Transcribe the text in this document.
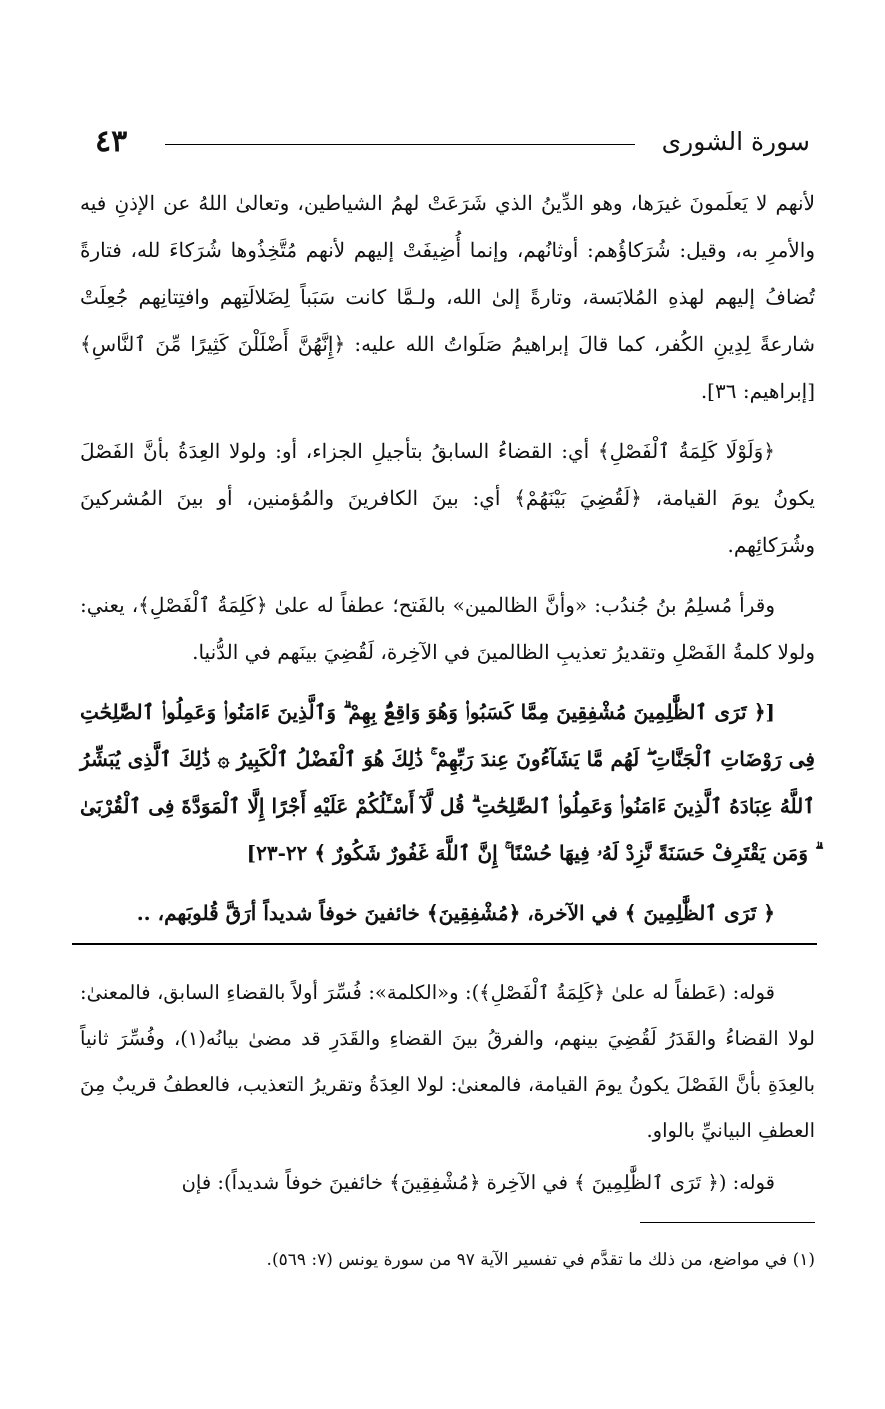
٤٣	سورة الشورى

لأنهم لا يَعلَمونَ غيرَها، وهو الدِّينُ الذي شَرَعَتْ لهمُ الشياطين، وتعالىٰ اللهُ عن الإذنِ فيه والأمرِ به، وقيل: شُرَكاؤُهم: أوثانُهم، وإنما أُضِيفَتْ إليهم لأنهم مُتَّخِذُوها شُرَكاءَ لله، فتارةً تُضافُ إليهم لهذهِ المُلابَسة، وتارةً إلىٰ الله، ولـمَّا كانت سَبَباً لِضَلالَتِهم وافتِتانِهم جُعِلَتْ شارعةً لِدِينِ الكُفر، كما قالَ إبراهيمُ صَلَواتُ الله عليه: ﴿إِنَّهُنَّ أَضْلَلْنَ كَثِيرًا مِّنَ ٱلنَّاسِ﴾ [إبراهيم: ٣٦].

﴿وَلَوْلَا كَلِمَةُ ٱلْفَصْلِ﴾ أي: القضاءُ السابقُ بتأجيلِ الجزاء، أو: ولولا العِدَةُ بأنَّ الفَصْلَ يكونُ يومَ القيامة، ﴿لَقُضِيَ بَيْنَهُمْ﴾ أي: بينَ الكافرينَ والمُؤمنين، أو بينَ المُشركينَ وشُرَكائِهم.

وقرأ مُسلِمُ بنُ جُندُب: «وأنَّ الظالمين» بالفَتح؛ عطفاً له علىٰ ﴿كَلِمَةُ ٱلْفَصْلِ﴾، يعني: ولولا كلمةُ الفَصْلِ وتقديرُ تعذيبِ الظالمينَ في الآخِرة، لَقُضِيَ بينَهم في الدُّنيا.

[﴿ تَرَى ٱلظَّٰلِمِينَ مُشْفِقِينَ مِمَّا كَسَبُوا۟ وَهُوَ وَاقِعٌۢ بِهِمْ ۗ وَٱلَّذِينَ ءَامَنُوا۟ وَعَمِلُوا۟ ٱلصَّٰلِحَٰتِ فِى رَوْضَاتِ ٱلْجَنَّاتِ ۖ لَهُم مَّا يَشَآءُونَ عِندَ رَبِّهِمْ ۚ ذَٰلِكَ هُوَ ٱلْفَضْلُ ٱلْكَبِيرُ ۞ ذَٰلِكَ ٱلَّذِى يُبَشِّرُ ٱللَّهُ عِبَادَهُ ٱلَّذِينَ ءَامَنُوا۟ وَعَمِلُوا۟ ٱلصَّٰلِحَٰتِ ۗ قُل لَّآ أَسْـَٔلُكُمْ عَلَيْهِ أَجْرًا إِلَّا ٱلْمَوَدَّةَ فِى ٱلْقُرْبَىٰ ۗ وَمَن يَقْتَرِفْ حَسَنَةً نَّزِدْ لَهُۥ فِيهَا حُسْنًا ۚ إِنَّ ٱللَّهَ غَفُورٌ شَكُورٌ ﴾ ٢٢-٢٣]

﴿ تَرَى ٱلظَّٰلِمِينَ ﴾ في الآخرة، ﴿مُشْفِقِينَ﴾ خائفينَ خوفاً شديداً أرَقَّ قُلوبَهم، ..

قوله: (عَطفاً له علىٰ ﴿كَلِمَةُ ٱلْفَصْلِ﴾): و«الكلمة»: فُسِّرَ أولاً بالقضاءِ السابق، فالمعنىٰ: لولا القضاءُ والقَدَرُ لَقُضِيَ بينهم، والفرقُ بينَ القضاءِ والقَدَرِ قد مضىٰ بيانُه(١)، وفُسِّرَ ثانياً بالعِدَةِ بأنَّ الفَصْلَ يكونُ يومَ القيامة، فالمعنىٰ: لولا العِدَةُ وتقريرُ التعذيب، فالعطفُ قريبٌ مِنَ العطفِ البيانيِّ بالواو.

قوله: (﴿ تَرَى ٱلظَّٰلِمِينَ ﴾ في الآخِرة ﴿مُشْفِقِينَ﴾ خائفينَ خوفاً شديداً): فإن

(١) في مواضع، من ذلك ما تقدَّم في تفسير الآية ٩٧ من سورة يونس (٧: ٥٦٩).
